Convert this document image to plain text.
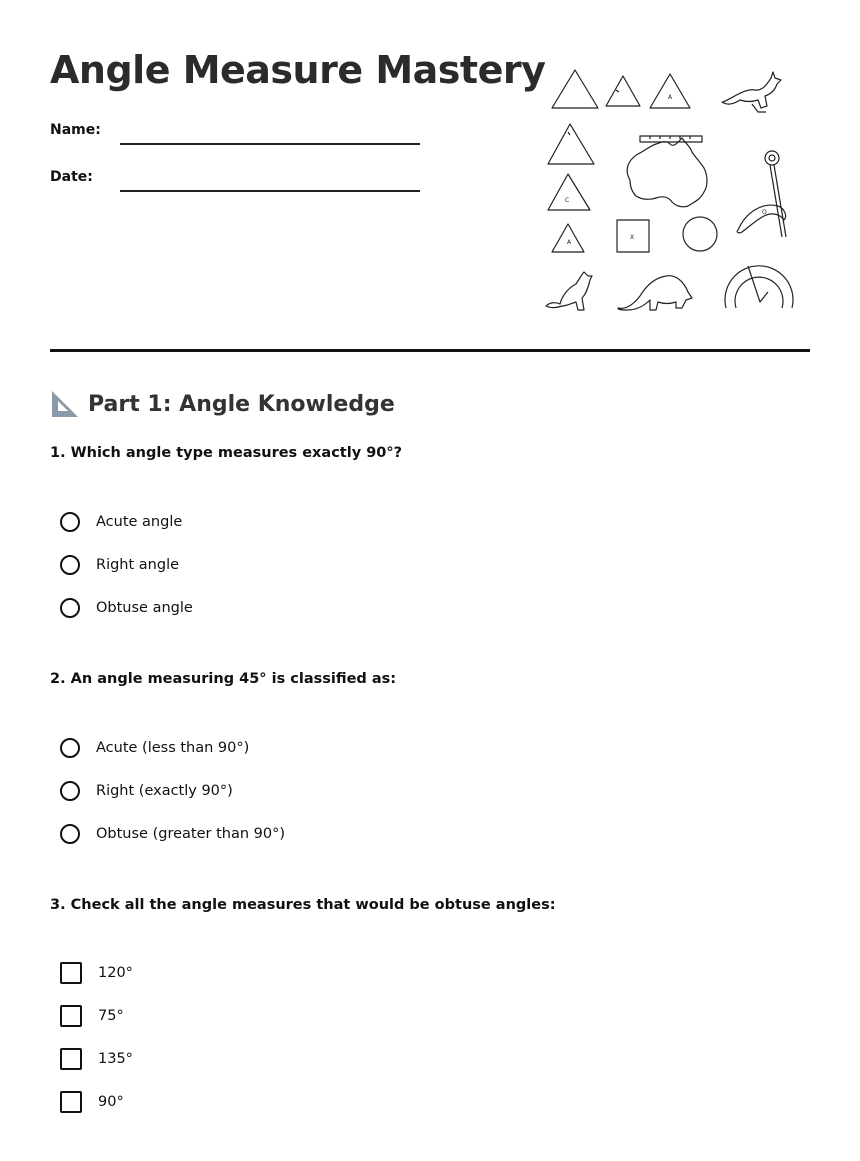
Angle Measure Mastery
Name:
Date:
A
C
O
X
A
Part 1: Angle Knowledge
1. Which angle type measures exactly 90°?
Acute angle
Right angle
Obtuse angle
2. An angle measuring 45° is classified as:
Acute (less than 90°)
Right (exactly 90°)
Obtuse (greater than 90°)
3. Check all the angle measures that would be obtuse angles:
120°
75°
135°
90°
